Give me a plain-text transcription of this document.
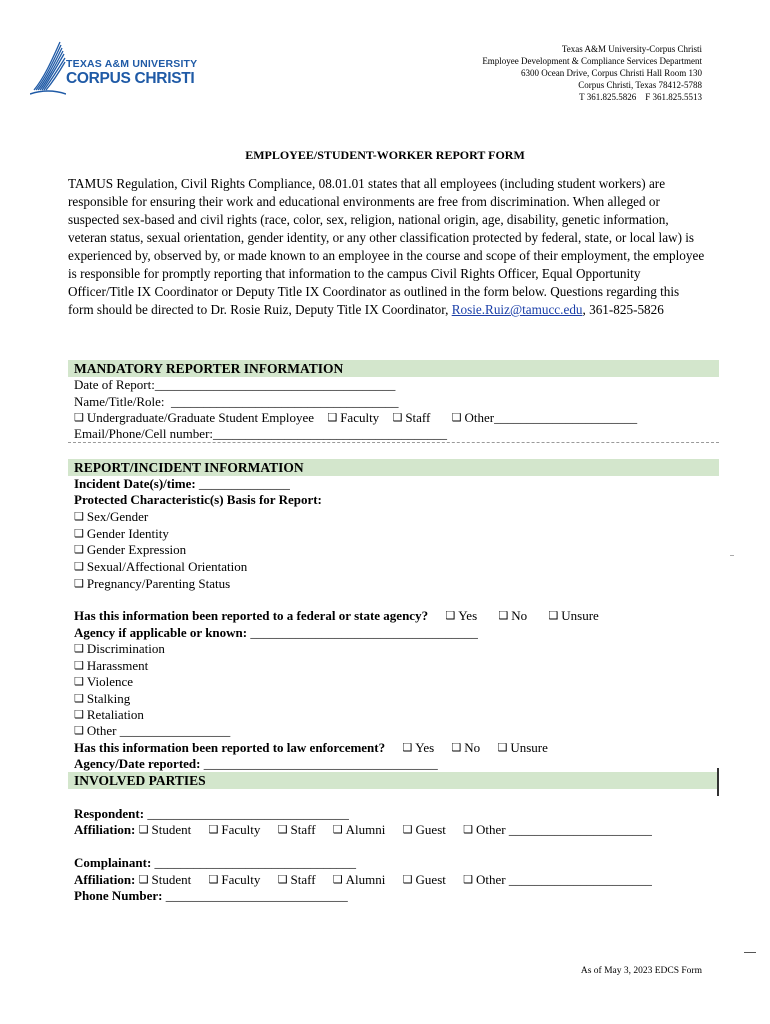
TEXAS A&M UNIVERSITY
CORPUS CHRISTI
Texas A&M University-Corpus Christi
Employee Development & Compliance Services Department
6300 Ocean Drive, Corpus Christi Hall Room 130
Corpus Christi, Texas 78412-5788
T 361.825.5826    F 361.825.5513
EMPLOYEE/STUDENT-WORKER REPORT FORM
TAMUS Regulation, Civil Rights Compliance, 08.01.01 states that all employees (including student workers) are responsible for ensuring their work and educational environments are free from discrimination. When alleged or suspected sex-based and civil rights (race, color, sex, religion, national origin, age, disability, genetic information, veteran status, sexual orientation, gender identity, or any other classification protected by federal, state, or local law) is experienced by, observed by, or made known to an employee in the course and scope of their employment, the employee is responsible for promptly reporting that information to the campus Civil Rights Officer, Equal Opportunity Officer/Title IX Coordinator or Deputy Title IX Coordinator as outlined in the form below. Questions regarding this form should be directed to Dr. Rosie Ruiz, Deputy Title IX Coordinator, Rosie.Ruiz@tamucc.edu, 361-825-5826
MANDATORY REPORTER INFORMATION
Date of Report:_____________________________________
Name/Title/Role:  ___________________________________
❑ Undergraduate/Graduate Student Employee ❑ Faculty ❑ Staff ❑ Other______________________
Email/Phone/Cell number:____________________________________
REPORT/INCIDENT INFORMATION
Incident Date(s)/time: ______________
Protected Characteristic(s) Basis for Report:
❑ Sex/Gender
❑ Gender Identity
❑ Gender Expression
❑ Sexual/Affectional Orientation
❑ Pregnancy/Parenting Status
Has this information been reported to a federal or state agency? ❑ Yes ❑ No ❑ Unsure
Agency if applicable or known: ___________________________________
❑ Discrimination
❑ Harassment
❑ Violence
❑ Stalking
❑ Retaliation
❑ Other _________________
Has this information been reported to law enforcement? ❑ Yes ❑ No ❑ Unsure
Agency/Date reported: ____________________________________
INVOLVED PARTIES
Respondent: _______________________________
Affiliation: ❑ Student ❑ Faculty ❑ Staff ❑ Alumni ❑ Guest ❑ Other ______________________
Complainant: _______________________________
Affiliation: ❑ Student ❑ Faculty ❑ Staff ❑ Alumni ❑ Guest ❑ Other ______________________
Phone Number: ____________________________
As of May 3, 2023 EDCS Form
